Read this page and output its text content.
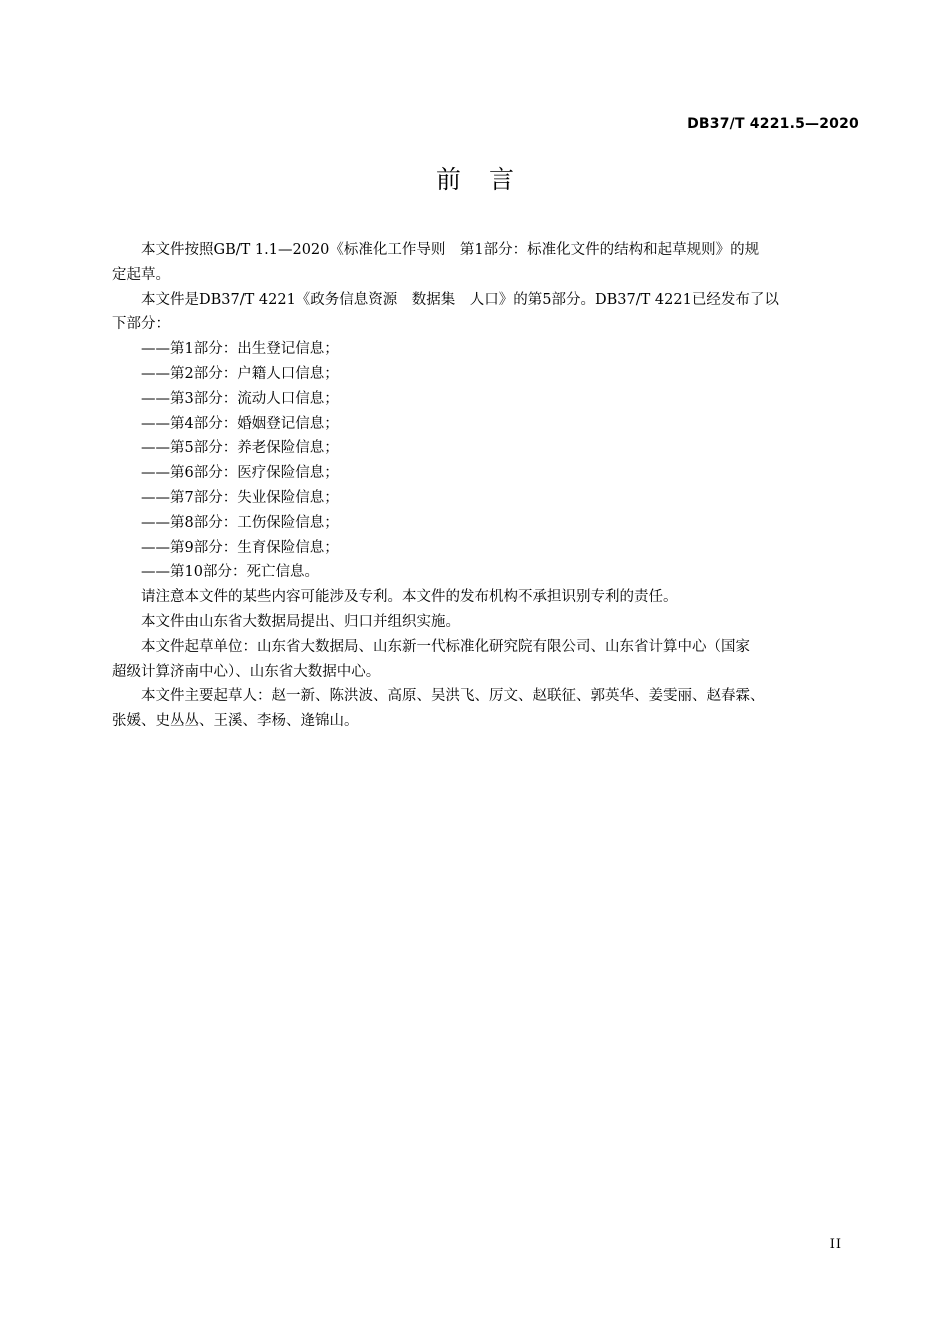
DB37/T 4221.5—2020
前言

本文件按照GB/T 1.1—2020《标准化工作导则　第1部分：标准化文件的结构和起草规则》的规

定起草。

本文件是DB37/T 4221《政务信息资源　数据集　人口》的第5部分。DB37/T 4221已经发布了以

下部分：

——第1部分：出生登记信息；

——第2部分：户籍人口信息；

——第3部分：流动人口信息；

——第4部分：婚姻登记信息；

——第5部分：养老保险信息；

——第6部分：医疗保险信息；

——第7部分：失业保险信息；

——第8部分：工伤保险信息；

——第9部分：生育保险信息；

——第10部分：死亡信息。

请注意本文件的某些内容可能涉及专利。本文件的发布机构不承担识别专利的责任。

本文件由山东省大数据局提出、归口并组织实施。

本文件起草单位：山东省大数据局、山东新一代标准化研究院有限公司、山东省计算中心（国家

超级计算济南中心）、山东省大数据中心。

本文件主要起草人：赵一新、陈洪波、高原、吴洪飞、厉文、赵联征、郭英华、姜雯丽、赵春霖、

张媛、史丛丛、王溪、李杨、逄锦山。

II
